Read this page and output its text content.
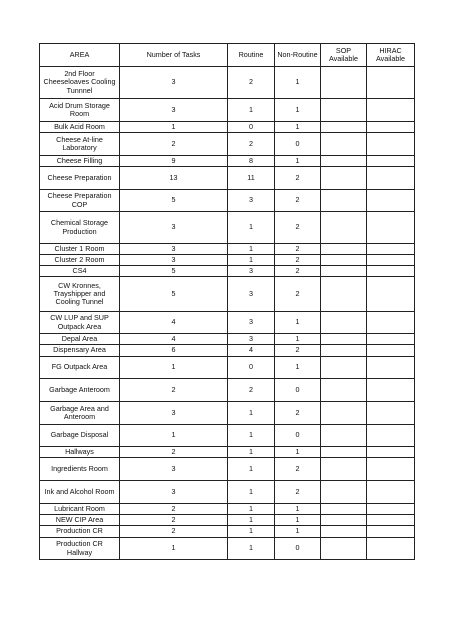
AREA	Number of Tasks	Routine	Non-Routine	SOP Available	HIRAC Available
2nd Floor Cheeseloaves Cooling Tunnnel	3	2	1		
Acid Drum Storage Room	3	1	1		
Bulk Acid Room	1	0	1		
Cheese At-line Laboratory	2	2	0		
Cheese Filling	9	8	1		
Cheese Preparation	13	11	2		
Cheese Preparation COP	5	3	2		
Chemical Storage Production	3	1	2		
Cluster 1 Room	3	1	2		
Cluster 2 Room	3	1	2		
CS4	5	3	2		
CW Kronnes, Trayshipper and Cooling Tunnel	5	3	2		
CW LUP and SUP Outpack Area	4	3	1		
Depal Area	4	3	1		
Dispensary Area	6	4	2		
FG Outpack Area	1	0	1		
Garbage Anteroom	2	2	0		
Garbage Area and Anteroom	3	1	2		
Garbage Disposal	1	1	0		
Hallways	2	1	1		
Ingredients Room	3	1	2		
Ink and Alcohol Room	3	1	2		
Lubricant Room	2	1	1		
NEW CIP Area	2	1	1		
Production CR	2	1	1		
Production CR Hallway	1	1	0		
